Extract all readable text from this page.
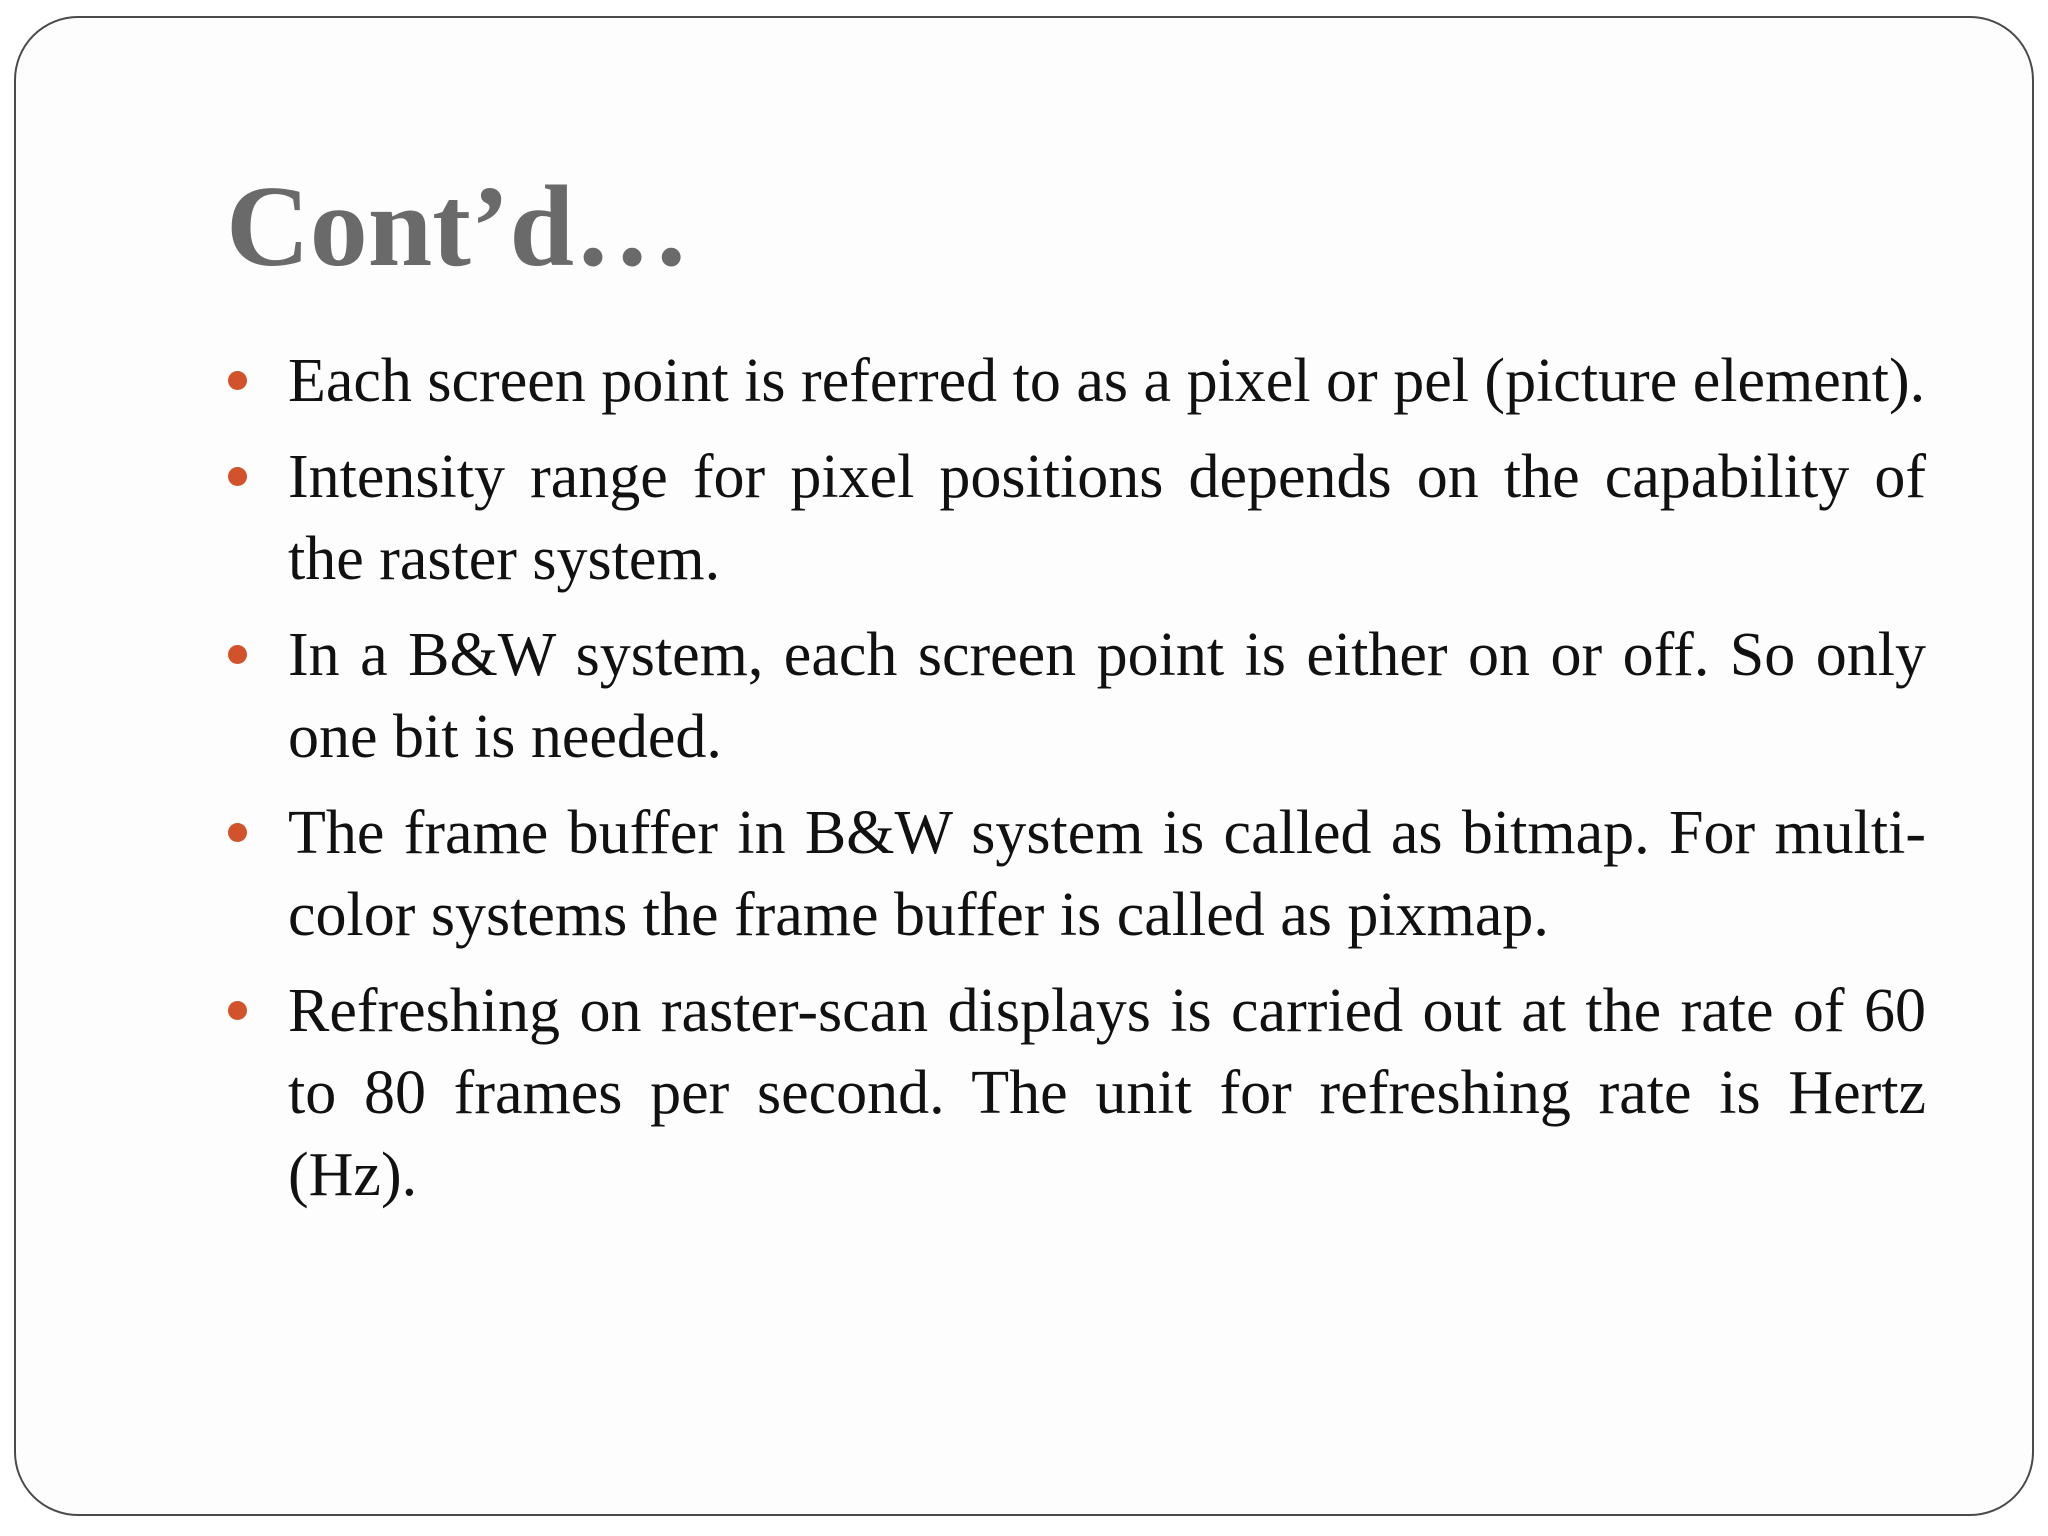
Cont’d…
Each screen point is referred to as a pixel or pel (picture element).
Intensity range for pixel positions depends on the capability of the raster system.
In a B&W system, each screen point is either on or off. So only one bit is needed.
The frame buffer in B&W system is called as bitmap. For multi-color systems the frame buffer is called as pixmap.
Refreshing on raster-scan displays is carried out at the rate of 60 to 80 frames per second. The unit for refreshing rate is Hertz (Hz).
